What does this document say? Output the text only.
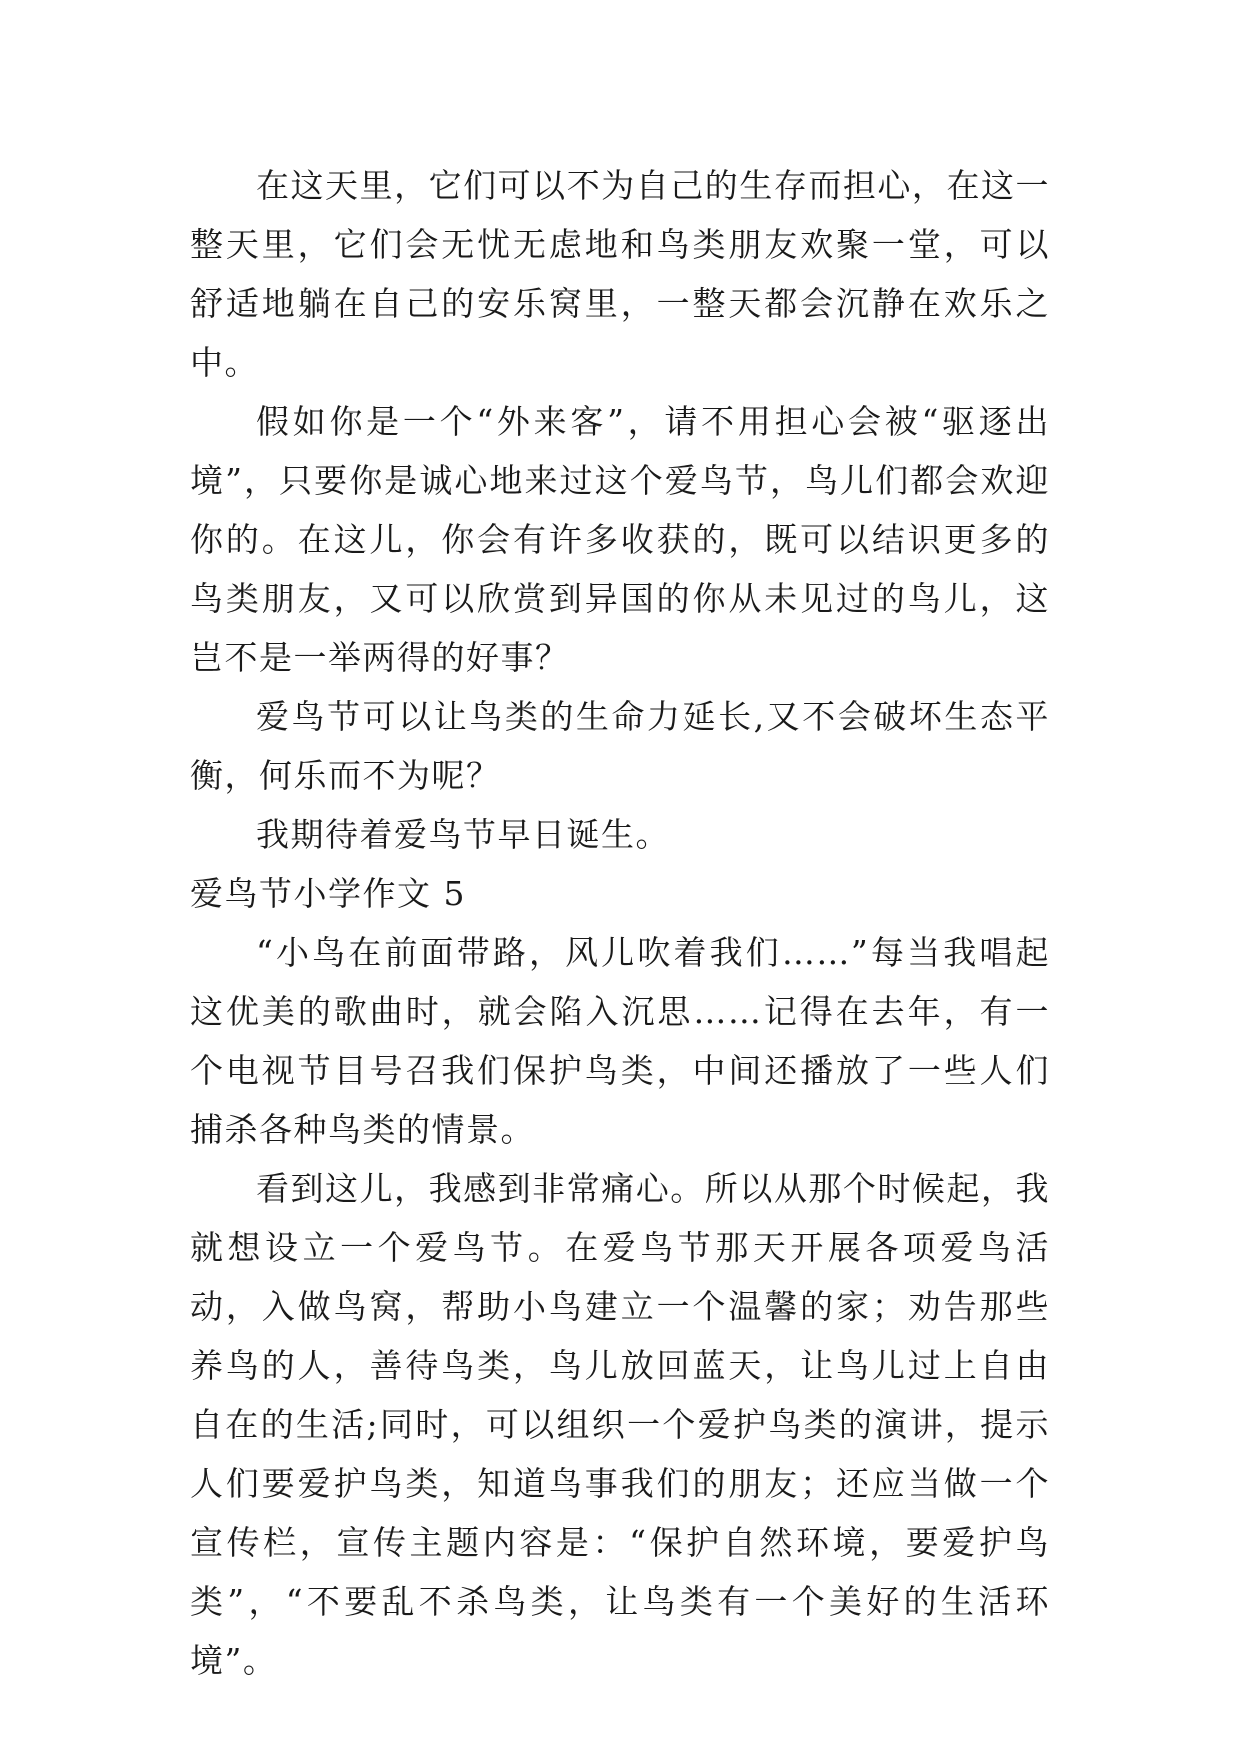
在这天里，它们可以不为自己的生存而担心，在这一整天里，它们会无忧无虑地和鸟类朋友欢聚一堂，可以舒适地躺在自己的安乐窝里，一整天都会沉静在欢乐之中。

假如你是一个“外来客”，请不用担心会被“驱逐出境”，只要你是诚心地来过这个爱鸟节，鸟儿们都会欢迎你的。在这儿，你会有许多收获的，既可以结识更多的鸟类朋友，又可以欣赏到异国的你从未见过的鸟儿，这岂不是一举两得的好事？

爱鸟节可以让鸟类的生命力延长,又不会破坏生态平衡，何乐而不为呢？

我期待着爱鸟节早日诞生。

爱鸟节小学作文 5

“小鸟在前面带路，风儿吹着我们……”每当我唱起这优美的歌曲时，就会陷入沉思……记得在去年，有一个电视节目号召我们保护鸟类，中间还播放了一些人们捕杀各种鸟类的情景。

看到这儿，我感到非常痛心。所以从那个时候起，我就想设立一个爱鸟节。在爱鸟节那天开展各项爱鸟活动，入做鸟窝，帮助小鸟建立一个温馨的家；劝告那些养鸟的人，善待鸟类，鸟儿放回蓝天，让鸟儿过上自由自在的生活;同时，可以组织一个爱护鸟类的演讲，提示人们要爱护鸟类，知道鸟事我们的朋友；还应当做一个宣传栏，宣传主题内容是：“保护自然环境，要爱护鸟类”，“不要乱不杀鸟类，让鸟类有一个美好的生活环境”。
